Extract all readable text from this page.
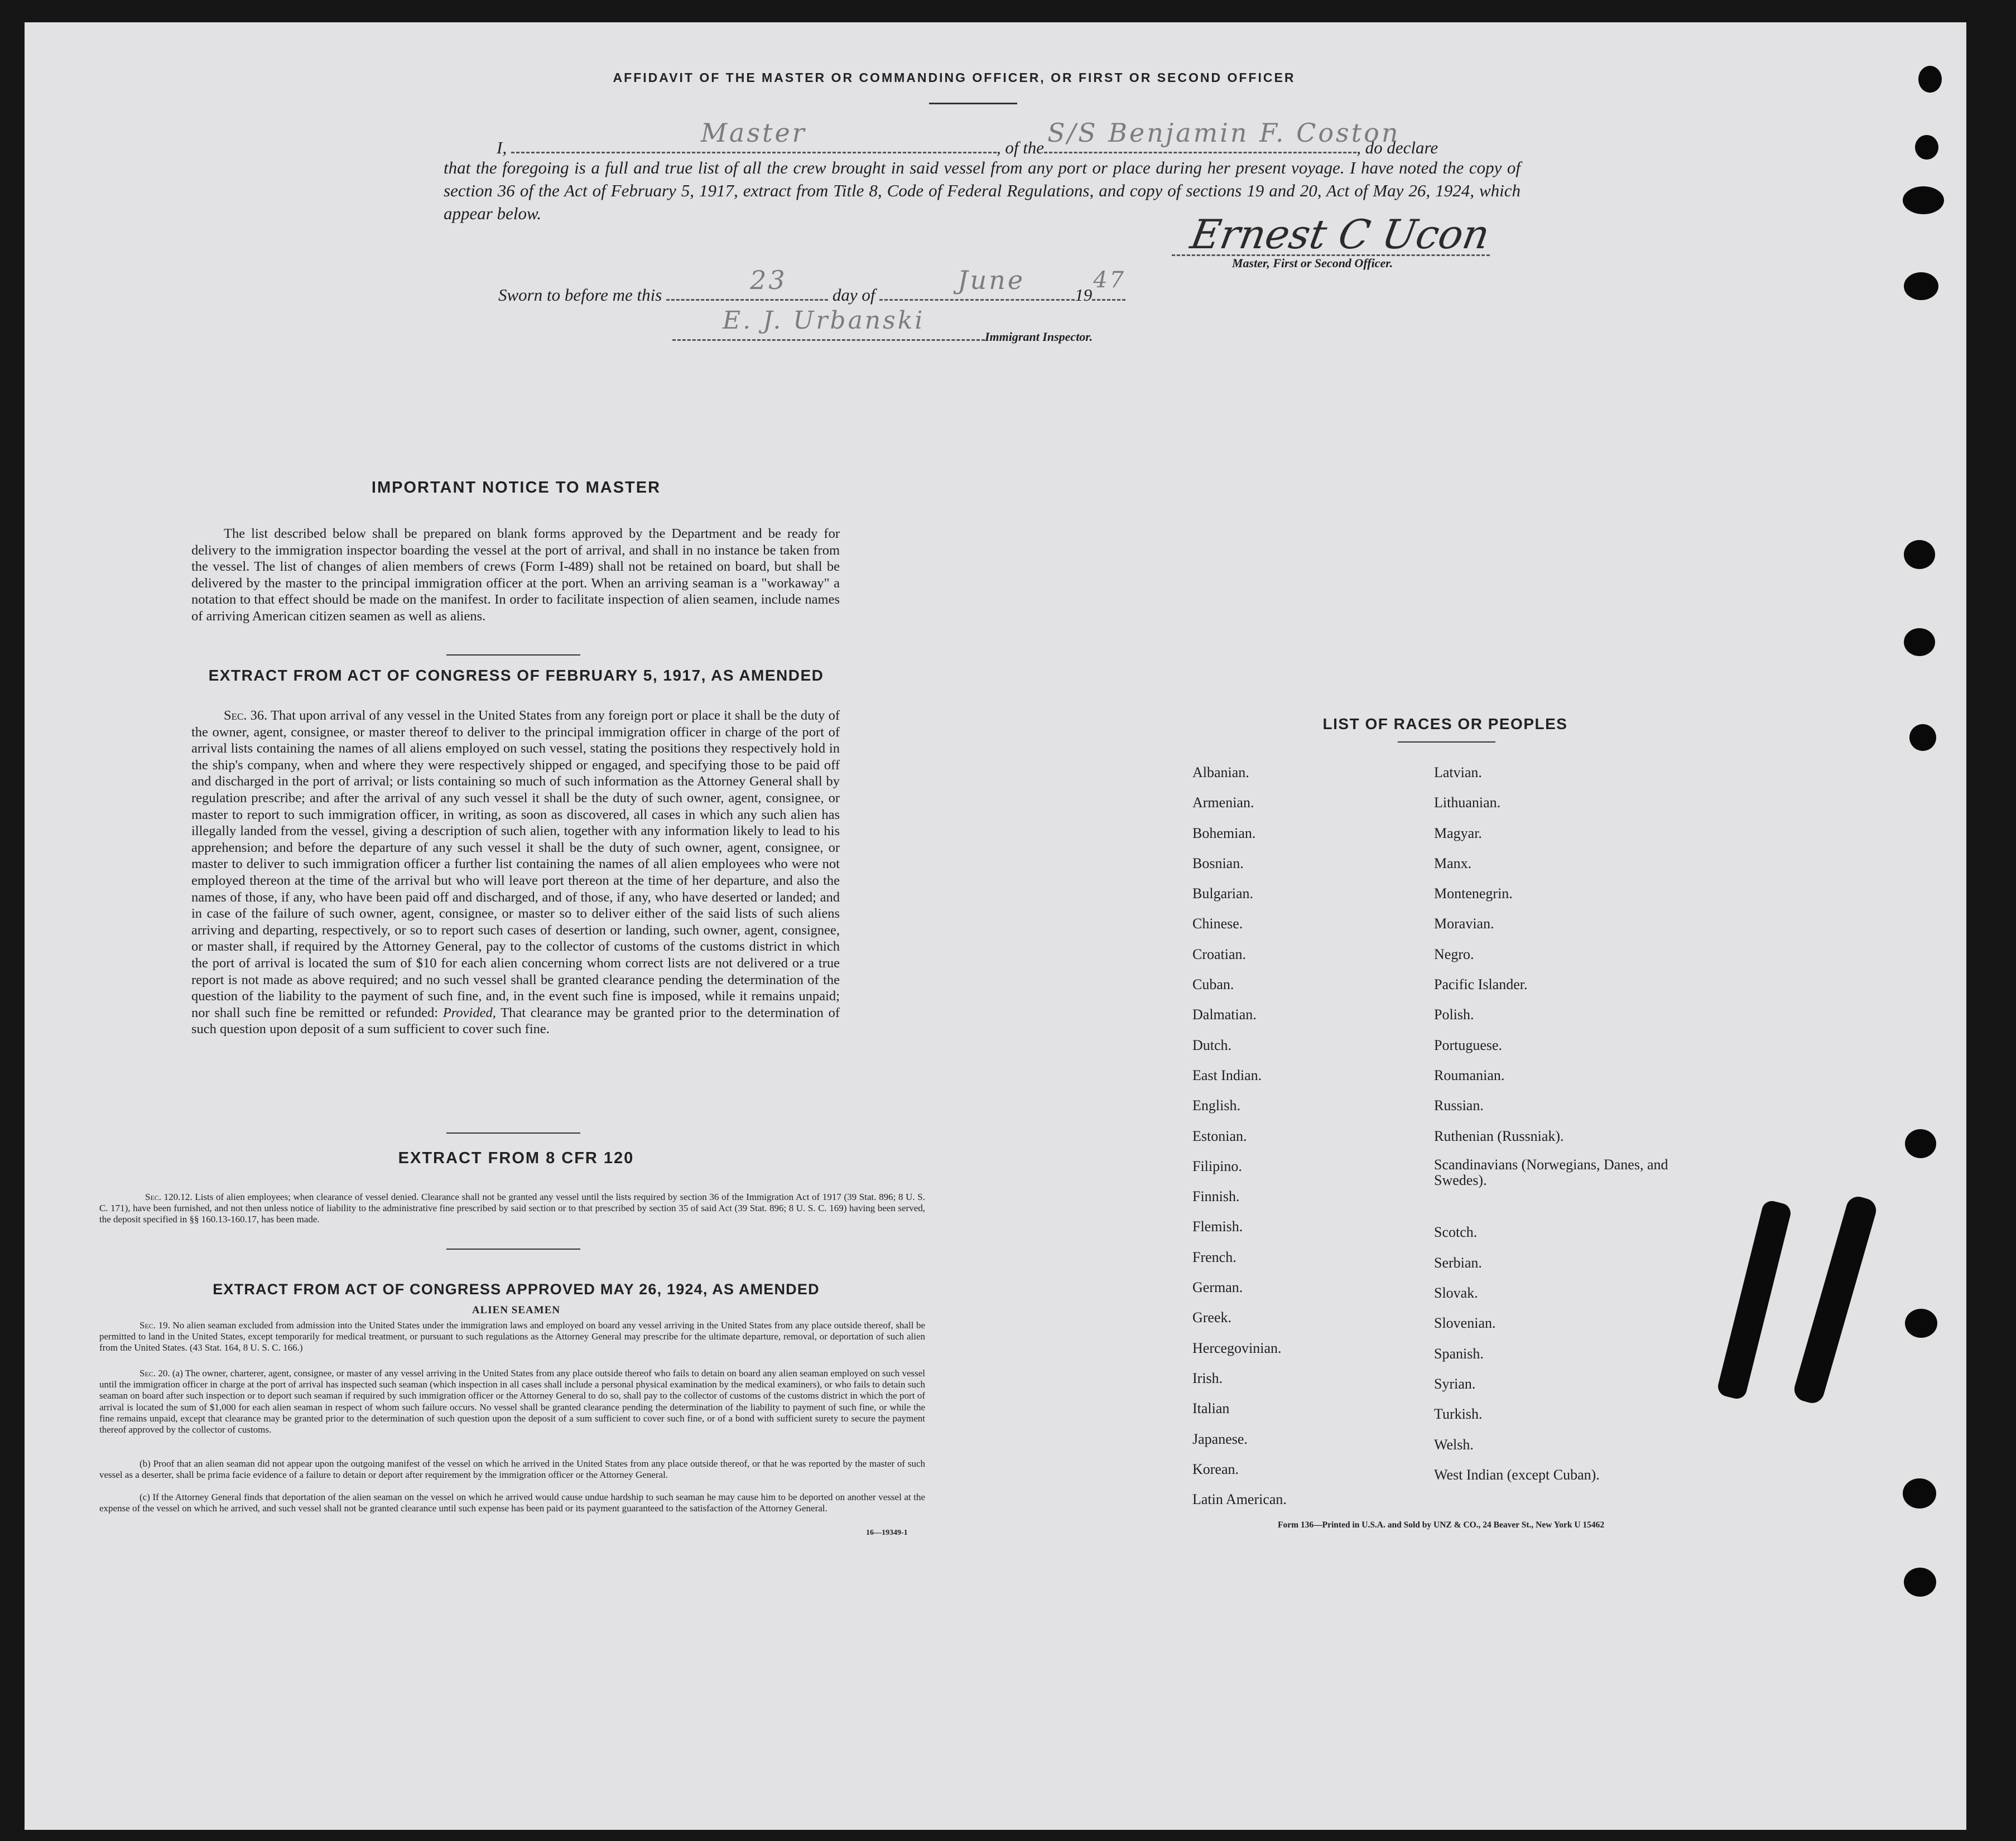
AFFIDAVIT OF THE MASTER OR COMMANDING OFFICER, OR FIRST OR SECOND OFFICER
I,	Master	, of the S/S Benjamin F. Coston
, do declare
that the foregoing is a full and true list of all the crew brought in said vessel from any port or place during her present voyage. I have noted the copy of section 36 of the Act of February 5, 1917, extract from Title 8, Code of Federal Regulations, and copy of sections 19 and 20, Act of May 26, 1924, which appear below.	Ernest C Ucon
Master, First or Second Officer.
Sworn to before me this	23	day of	June	19
47
E. J. Urbanski
Immigrant Inspector.
IMPORTANT NOTICE TO MASTER
The list described below shall be prepared on blank forms approved by the Department and be ready for delivery to the immigration inspector boarding the vessel at the port of arrival, and shall in no instance be taken from the vessel. The list of changes of alien members of crews (Form I-489) shall not be retained on board, but shall be delivered by the master to the principal immigration officer at the port. When an arriving seaman is a "workaway" a notation to that effect should be made on the manifest. In order to facilitate inspection of alien seamen, include names of arriving American citizen seamen as well as aliens.
EXTRACT FROM ACT OF CONGRESS OF FEBRUARY 5, 1917, AS AMENDED
Sec. 36. That upon arrival of any vessel in the United States from any foreign port or place it shall be the duty of the owner, agent, consignee, or master thereof to deliver to the principal immigration officer in charge of the port of arrival lists containing the names of all aliens employed on such vessel, stating the positions they respectively hold in the ship's company, when and where they were respectively shipped or engaged, and specifying those to be paid off and discharged in the port of arrival; or lists containing so much of such information as the Attorney General shall by regulation prescribe; and after the arrival of any such vessel it shall be the duty of such owner, agent, consignee, or master to report to such immigration officer, in writing, as soon as discovered, all cases in which any such alien has illegally landed from the vessel, giving a description of such alien, together with any information likely to lead to his apprehension; and before the departure of any such vessel it shall be the duty of such owner, agent, consignee, or master to deliver to such immigration officer a further list containing the names of all alien employees who were not employed thereon at the time of the arrival but who will leave port thereon at the time of her departure, and also the names of those, if any, who have been paid off and discharged, and of those, if any, who have deserted or landed; and in case of the failure of such owner, agent, consignee, or master so to deliver either of the said lists of such aliens arriving and departing, respectively, or so to report such cases of desertion or landing, such owner, agent, consignee, or master shall, if required by the Attorney General, pay to the collector of customs of the customs district in which the port of arrival is located the sum of $10 for each alien concerning whom correct lists are not delivered or a true report is not made as above required; and no such vessel shall be granted clearance pending the determination of the question of the liability to the payment of such fine, and, in the event such fine is imposed, while it remains unpaid; nor shall such fine be remitted or refunded: Provided, That clearance may be granted prior to the determination of such question upon deposit of a sum sufficient to cover such fine.
EXTRACT FROM 8 CFR 120
Sec. 120.12. Lists of alien employees; when clearance of vessel denied. Clearance shall not be granted any vessel until the lists required by section 36 of the Immigration Act of 1917 (39 Stat. 896; 8 U. S. C. 171), have been furnished, and not then unless notice of liability to the administrative fine prescribed by said section or to that prescribed by section 35 of said Act (39 Stat. 896; 8 U. S. C. 169) having been served, the deposit specified in §§ 160.13-160.17, has been made.
EXTRACT FROM ACT OF CONGRESS APPROVED MAY 26, 1924, AS AMENDED
ALIEN SEAMEN
Sec. 19. No alien seaman excluded from admission into the United States under the immigration laws and employed on board any vessel arriving in the United States from any place outside thereof, shall be permitted to land in the United States, except temporarily for medical treatment, or pursuant to such regulations as the Attorney General may prescribe for the ultimate departure, removal, or deportation of such alien from the United States. (43 Stat. 164, 8 U. S. C. 166.)
Sec. 20. (a) The owner, charterer, agent, consignee, or master of any vessel arriving in the United States from any place outside thereof who fails to detain on board any alien seaman employed on such vessel until the immigration officer in charge at the port of arrival has inspected such seaman (which inspection in all cases shall include a personal physical examination by the medical examiners), or who fails to detain such seaman on board after such inspection or to deport such seaman if required by such immigration officer or the Attorney General to do so, shall pay to the collector of customs of the customs district in which the port of arrival is located the sum of $1,000 for each alien seaman in respect of whom such failure occurs. No vessel shall be granted clearance pending the determination of the liability to payment of such fine, or while the fine remains unpaid, except that clearance may be granted prior to the determination of such question upon the deposit of a sum sufficient to cover such fine, or of a bond with sufficient surety to secure the payment thereof approved by the collector of customs.
(b) Proof that an alien seaman did not appear upon the outgoing manifest of the vessel on which he arrived in the United States from any place outside thereof, or that he was reported by the master of such vessel as a deserter, shall be prima facie evidence of a failure to detain or deport after requirement by the immigration officer or the Attorney General.
(c) If the Attorney General finds that deportation of the alien seaman on the vessel on which he arrived would cause undue hardship to such seaman he may cause him to be deported on another vessel at the expense of the vessel on which he arrived, and such vessel shall not be granted clearance until such expense has been paid or its payment guaranteed to the satisfaction of the Attorney General.
16—19349-1
LIST OF RACES OR PEOPLES
Albanian.
Armenian.
Bohemian.
Bosnian.
Bulgarian.
Chinese.
Croatian.
Cuban.
Dalmatian.
Dutch.
East Indian.
English.
Estonian.
Filipino.
Finnish.
Flemish.
French.
German.
Greek.
Hercegovinian.
Irish.
Italian
Japanese.
Korean.
Latin American.
Latvian.
Lithuanian.
Magyar.
Manx.
Montenegrin.
Moravian.
Negro.
Pacific Islander.
Polish.
Portuguese.
Roumanian.
Russian.
Ruthenian (Russniak).
Scandinavians (Norwegians, Danes, and Swedes).
Scotch.
Serbian.
Slovak.
Slovenian.
Spanish.
Syrian.
Turkish.
Welsh.
West Indian (except Cuban).
Form 136—Printed in U.S.A. and Sold by UNZ & CO., 24 Beaver St., New York U 15462
